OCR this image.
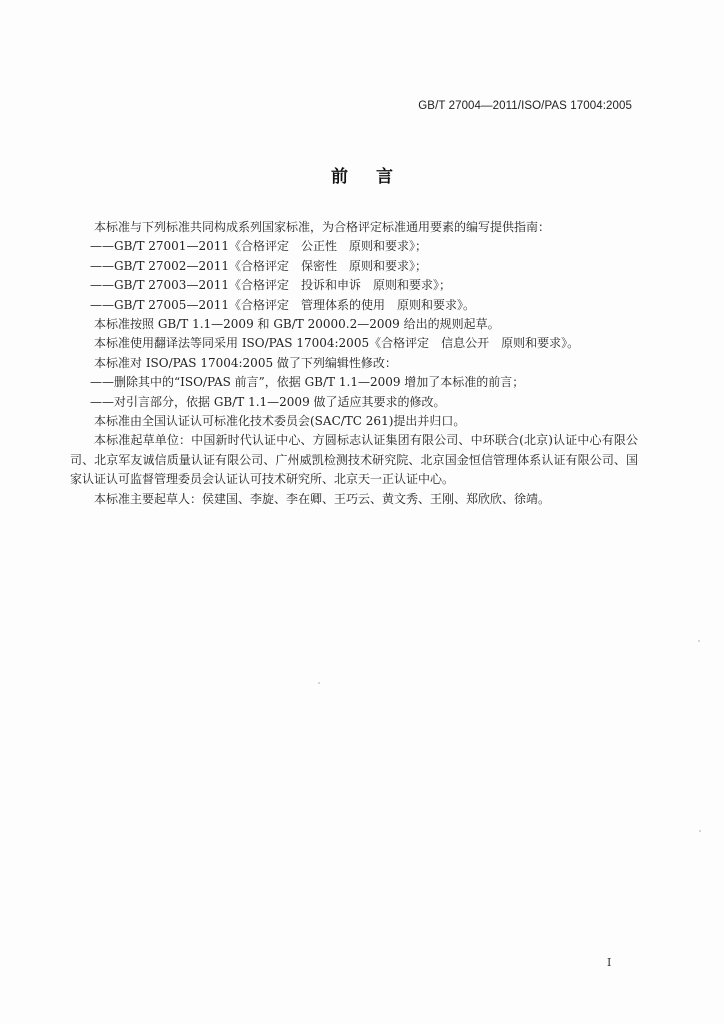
GB/T 27004—2011/ISO/PAS 17004:2005
前言

本标准与下列标准共同构成系列国家标准，为合格评定标准通用要素的编写提供指南：

——GB/T 27001—2011《合格评定　公正性　原则和要求》；

——GB/T 27002—2011《合格评定　保密性　原则和要求》；

——GB/T 27003—2011《合格评定　投诉和申诉　原则和要求》；

——GB/T 27005—2011《合格评定　管理体系的使用　原则和要求》。

本标准按照 GB/T 1.1—2009 和 GB/T 20000.2—2009 给出的规则起草。

本标准使用翻译法等同采用 ISO/PAS 17004:2005《合格评定　信息公开　原则和要求》。

本标准对 ISO/PAS 17004:2005 做了下列编辑性修改：

——删除其中的“ISO/PAS 前言”，依据 GB/T 1.1—2009 增加了本标准的前言；

——对引言部分，依据 GB/T 1.1—2009 做了适应其要求的修改。

本标准由全国认证认可标准化技术委员会(SAC/TC 261)提出并归口。

本标准起草单位：中国新时代认证中心、方圆标志认证集团有限公司、中环联合(北京)认证中心有限公司、北京军友诚信质量认证有限公司、广州威凯检测技术研究院、北京国金恒信管理体系认证有限公司、国家认证认可监督管理委员会认证认可技术研究所、北京天一正认证中心。

本标准主要起草人：侯建国、李旋、李在卿、王巧云、黄文秀、王刚、郑欣欣、徐靖。

I
